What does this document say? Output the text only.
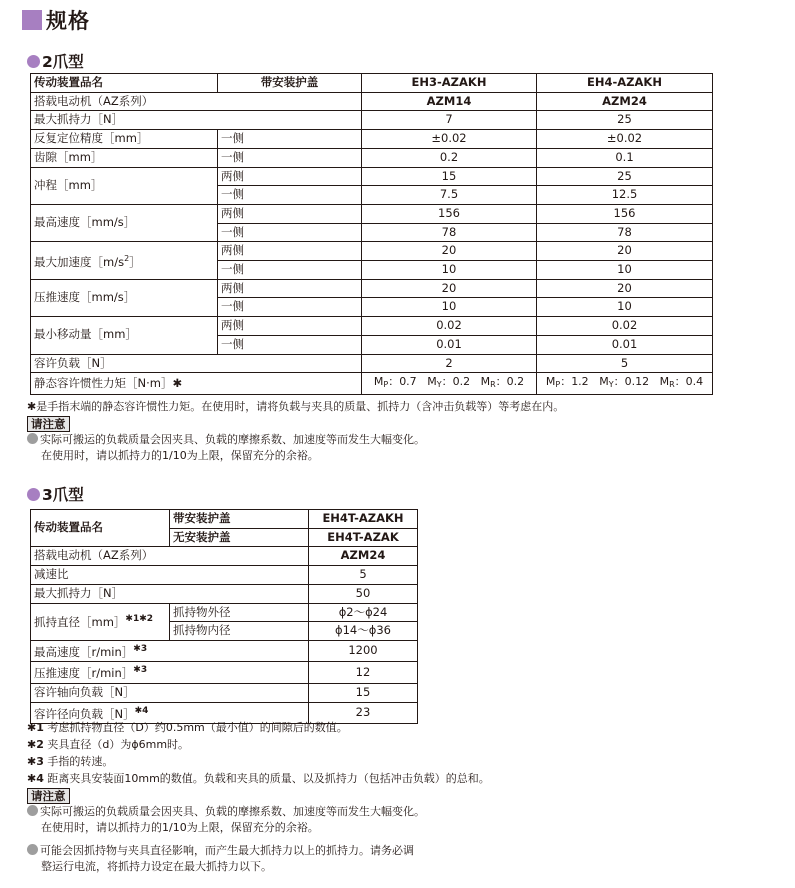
规格
2爪型
传动装置品名	带安装护盖	EH3-AZAKH	EH4-AZAKH
搭载电动机（AZ系列）		AZM14	AZM24
最大抓持力［N］		7	25
反复定位精度［mm］	一侧	±0.02	±0.02
齿隙［mm］	一侧	0.2	0.1
冲程［mm］	两侧	15	25
	一侧	7.5	12.5
最高速度［mm/s］	两侧	156	156
	一侧	78	78
最大加速度$[m/s^2]$	两侧	20	20
	一侧	10	10
压推速度［mm/s］	两侧	20	20
	一侧	10	10
最小移动量［mm］	两侧	0.02	0.02
	一侧	0.01	0.01
容许负载［N］		2	5
静态容许惯性力矩［N·m］✱		$M_P$：0.7 $M_Y$：0.2 $M_R$：0.2	$M_P$：1.2 $M_Y$：0.12 $M_R$：0.4
✱是手指末端的静态容许惯性力矩。在使用时，请将负载与夹具的质量、抓持力（含冲击负载等）等考虑在内。
请注意
实际可搬运的负载质量会因夹具、负载的摩擦系数、加速度等而发生大幅变化。
在使用时，请以抓持力的1/10为上限，保留充分的余裕。
3爪型
传动装置品名	带安装护盖	EH4T-AZAKH
	无安装护盖	EH4T-AZAK
搭载电动机（AZ系列）		AZM24
减速比		5
最大抓持力［N］		50
抓持直径［mm］$^{✱1✱2}$	抓持物外径	ϕ2～ϕ24
	抓持物内径	ϕ14～ϕ36
最高速度［r/min］$^{✱3}$		1200
压推速度［r/min］$^{✱3}$		12
容许轴向负载［N］		15
容许径向负载［N］$^{✱4}$		23
✱1 考虑抓持物直径（D）约0.5mm（最小值）的间隙后的数值。
✱2 夹具直径（d）为ϕ6mm时。
✱3 手指的转速。
✱4 距离夹具安装面10mm的数值。负载和夹具的质量、以及抓持力（包括冲击负载）的总和。
请注意
实际可搬运的负载质量会因夹具、负载的摩擦系数、加速度等而发生大幅变化。
在使用时，请以抓持力的1/10为上限，保留充分的余裕。
可能会因抓持物与夹具直径影响，而产生最大抓持力以上的抓持力。请务必调
整运行电流，将抓持力设定在最大抓持力以下。
